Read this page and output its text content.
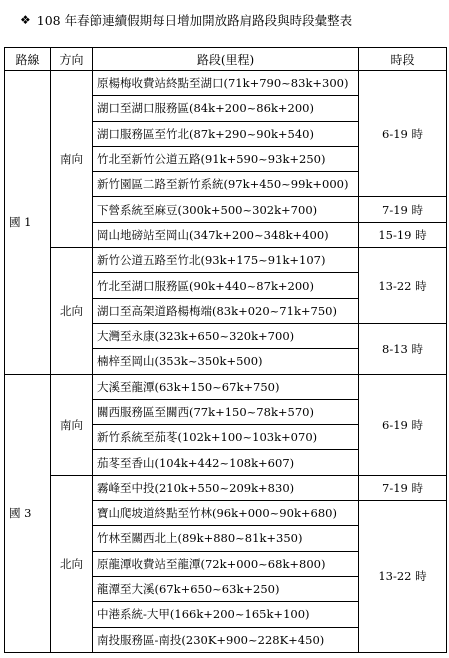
❖ 108 年春節連續假期每日增加開放路肩路段與時段彙整表
路線	方向	路段(里程)	時段
國 1	南向	原楊梅收費站終點至湖口(71k+790~83k+300)	6-19 時
		湖口至湖口服務區(84k+200~86k+200)	
		湖口服務區至竹北(87k+290~90k+540)	
		竹北至新竹公道五路(91k+590~93k+250)	
		新竹園區二路至新竹系統(97k+450~99k+000)	
		下營系統至麻豆(300k+500~302k+700)	7-19 時
		岡山地磅站至岡山(347k+200~348k+400)	15-19 時
	北向	新竹公道五路至竹北(93k+175~91k+107)	13-22 時
		竹北至湖口服務區(90k+440~87k+200)	
		湖口至高架道路楊梅端(83k+020~71k+750)	
		大灣至永康(323k+650~320k+700)	8-13 時
		楠梓至岡山(353k~350k+500)	
國 3	南向	大溪至龍潭(63k+150~67k+750)	6-19 時
		關西服務區至關西(77k+150~78k+570)	
		新竹系統至茄苳(102k+100~103k+070)	
		茄苳至香山(104k+442~108k+607)	
	北向	霧峰至中投(210k+550~209k+830)	7-19 時
		寶山爬坡道終點至竹林(96k+000~90k+680)	13-22 時
		竹林至關西北上(89k+880~81k+350)	
		原龍潭收費站至龍潭(72k+000~68k+800)	
		龍潭至大溪(67k+650~63k+250)	
		中港系統-大甲(166k+200~165k+100)	
		南投服務區-南投(230K+900~228K+450)	
